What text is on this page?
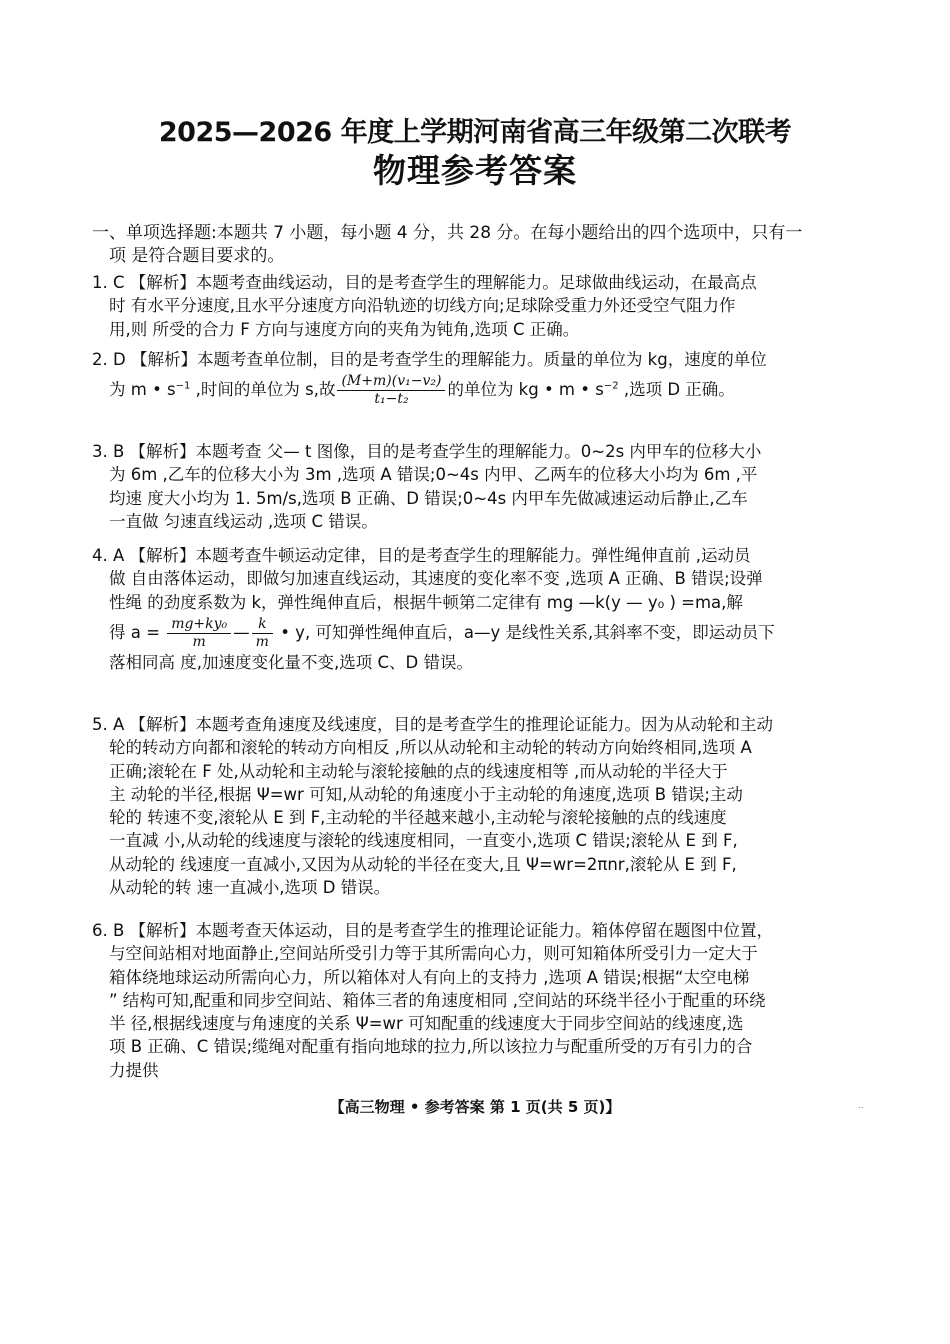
2025—2026 年度上学期河南省高三年级第二次联考
物理参考答案
一、单项选择题:本题共 7 小题，每小题 4 分，共 28 分。在每小题给出的四个选项中，只有一
项 是符合题目要求的。
1. C 【解析】本题考查曲线运动，目的是考查学生的理解能力。足球做曲线运动，在最高点
时 有水平分速度,且水平分速度方向沿轨迹的切线方向;足球除受重力外还受空气阻力作
用,则 所受的合力 F 方向与速度方向的夹角为钝角,选项 C 正确。
2. D 【解析】本题考查单位制，目的是考查学生的理解能力。质量的单位为 kg，速度的单位
为 m • $s^{-1}$ ,时间的单位为 s,故 $\frac{\text{(M+m)(v₁−v₂)}}{\text{t₁−t₂}}$ 的单位为 kg • m • $s^{-2}$ ,选项 D 正确。
3. B 【解析】本题考查 父— t 图像，目的是考查学生的理解能力。0~2s 内甲车的位移大小
为 6m ,乙车的位移大小为 3m ,选项 A 错误;0~4s 内甲、乙两车的位移大小均为 6m ,平
均速 度大小均为 1. 5m/s,选项 B 正确、D 错误;0~4s 内甲车先做减速运动后静止,乙车
一直做 匀速直线运动 ,选项 C 错误。
4. A 【解析】本题考查牛顿运动定律，目的是考查学生的理解能力。弹性绳伸直前 ,运动员
做 自由落体运动，即做匀加速直线运动，其速度的变化率不变 ,选项 A 正确、B 错误;设弹
性绳 的劲度系数为 k，弹性绳伸直后，根据牛顿第二定律有 mg —k(y — y₀ ) =ma,解
得 $a = \frac{\text{mg+ky₀}}{m}$ — $\frac{k}{m}$ • y, 可知弹性绳伸直后，a—y 是线性关系,其斜率不变，即运动员下
落相同高 度,加速度变化量不变,选项 C、D 错误。
5. A 【解析】本题考查角速度及线速度，目的是考查学生的推理论证能力。因为从动轮和主动
轮的转动方向都和滚轮的转动方向相反 ,所以从动轮和主动轮的转动方向始终相同,选项 A
正确;滚轮在 F 处,从动轮和主动轮与滚轮接触的点的线速度相等 ,而从动轮的半径大于
主 动轮的半径,根据 Ψ=wr 可知,从动轮的角速度小于主动轮的角速度,选项 B 错误;主动
轮的 转速不变,滚轮从 E 到 F,主动轮的半径越来越小,主动轮与滚轮接触的点的线速度
一直减 小,从动轮的线速度与滚轮的线速度相同，一直变小,选项 C 错误;滚轮从 E 到 F,
从动轮的 线速度一直减小,又因为从动轮的半径在变大,且 Ψ=wr=2πnr,滚轮从 E 到 F,
从动轮的转 速一直减小,选项 D 错误。
6. B 【解析】本题考查天体运动，目的是考查学生的推理论证能力。箱体停留在题图中位置，
与空间站相对地面静止,空间站所受引力等于其所需向心力，则可知箱体所受引力一定大于
箱体绕地球运动所需向心力，所以箱体对人有向上的支持力 ,选项 A 错误;根据“太空电梯
” 结构可知,配重和同步空间站、箱体三者的角速度相同 ,空间站的环绕半径小于配重的环绕
半 径,根据线速度与角速度的关系 Ψ=wr 可知配重的线速度大于同步空间站的线速度,选
项 B 正确、C 错误;缆绳对配重有指向地球的拉力,所以该拉力与配重所受的万有引力的合
力提供
【高三物理 • 参考答案 第 1 页(共 5 页)】	..
